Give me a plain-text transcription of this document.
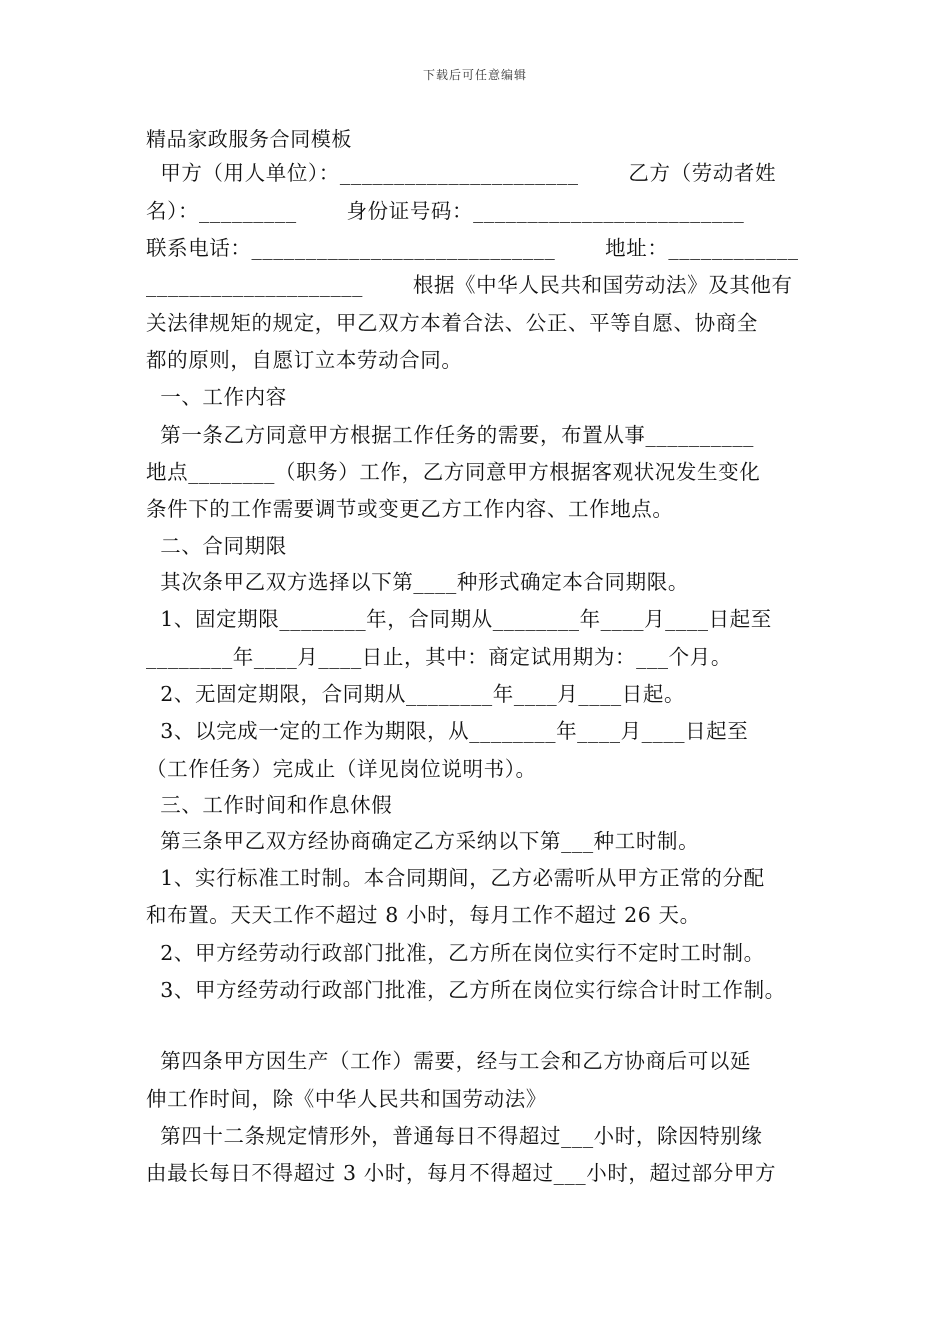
下载后可任意编辑
精品家政服务合同模板
甲方（用人单位）：______________________       乙方（劳动者姓
名）：_________       身份证号码：_________________________
联系电话：____________________________       地址：____________
____________________       根据《中华人民共和国劳动法》及其他有
关法律规矩的规定，甲乙双方本着合法、公正、平等自愿、协商全
都的原则，自愿订立本劳动合同。
一、工作内容
第一条乙方同意甲方根据工作任务的需要，布置从事__________
地点________（职务）工作，乙方同意甲方根据客观状况发生变化
条件下的工作需要调节或变更乙方工作内容、工作地点。
二、合同期限
其次条甲乙双方选择以下第____种形式确定本合同期限。
1、固定期限________年，合同期从________年____月____日起至
________年____月____日止，其中：商定试用期为：___个月。
2、无固定期限，合同期从________年____月____日起。
3、以完成一定的工作为期限，从________年____月____日起至
（工作任务）完成止（详见岗位说明书）。
三、工作时间和作息休假
第三条甲乙双方经协商确定乙方采纳以下第___种工时制。
1、实行标准工时制。本合同期间，乙方必需听从甲方正常的分配
和布置。天天工作不超过 8 小时，每月工作不超过 26 天。
2、甲方经劳动行政部门批准，乙方所在岗位实行不定时工时制。
3、甲方经劳动行政部门批准，乙方所在岗位实行综合计时工作制。
第四条甲方因生产（工作）需要，经与工会和乙方协商后可以延
伸工作时间，除《中华人民共和国劳动法》
第四十二条规定情形外，普通每日不得超过___小时，除因特别缘
由最长每日不得超过 3 小时，每月不得超过___小时，超过部分甲方
